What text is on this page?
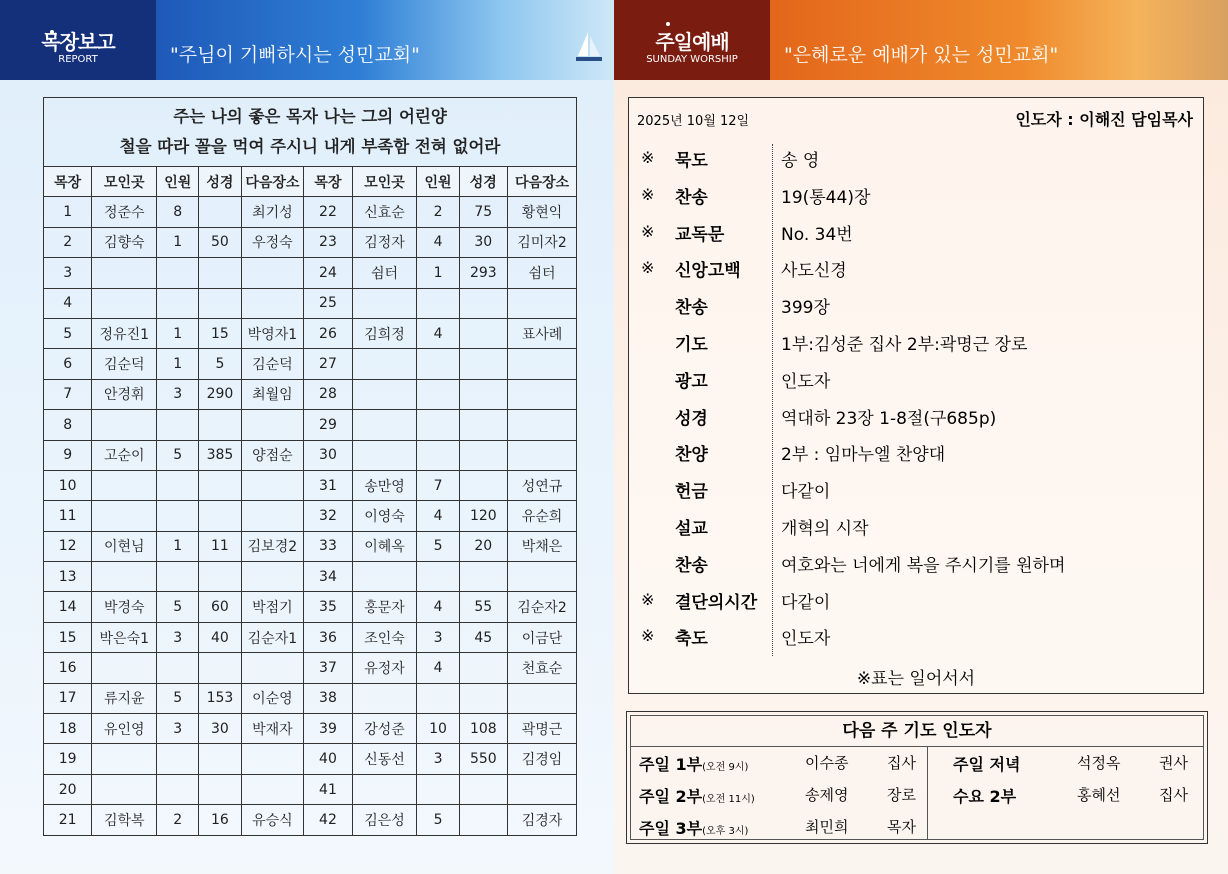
목장보고
REPORT	"주님이 기뻐하시는 성민교회"
주일예배
SUNDAY WORSHIP	"은혜로운 예배가 있는 성민교회"
주는 나의 좋은 목자 나는 그의 어린양
철을 따라 꼴을 먹여 주시니 내게 부족함 전혀 없어라									

목장	모인곳	인원	성경	다음장소	목장	모인곳	인원	성경	다음장소
1	정준수	8		최기성	22	신효순	2	75	황현익
2	김향숙	1	50	우정숙	23	김정자	4	30	김미자2
3					24	쉼터	1	293	쉼터
4					25				
5	정유진1	1	15	박영자1	26	김희정	4		표사례
6	김순덕	1	5	김순덕	27				
7	안경휘	3	290	최월임	28				
8					29				
9	고순이	5	385	양점순	30				
10					31	송만영	7		성연규
11					32	이영숙	4	120	유순희
12	이현님	1	11	김보경2	33	이혜옥	5	20	박채은
13					34				
14	박경숙	5	60	박점기	35	홍문자	4	55	김순자2
15	박은숙1	3	40	김순자1	36	조인숙	3	45	이금단
16					37	유정자	4		천효순
17	류지윤	5	153	이순영	38				
18	유인영	3	30	박재자	39	강성준	10	108	곽명근
19					40	신동선	3	550	김경임
20					41				
21	김학복	2	16	유승식	42	김은성	5		김경자
2025년 10월 12일	인도자 : 이해진 담임목사
※ 묵도	송 영
※ 찬송	19(통44)장
※ 교독문	No. 34번
※ 신앙고백	사도신경
찬송	399장
기도	1부:김성준 집사 2부:곽명근 장로
광고	인도자
성경	역대하 23장 1-8절(구685p)
찬양	2부 : 임마누엘 찬양대
헌금	다같이
설교	개혁의 시작
찬송	여호와는 너에게 복을 주시기를 원하며
※ 결단의시간	다같이
※ 축도	인도자
※표는 일어서서
다음 주 기도 인도자
주일 1부(오전 9시)	이수종	집사
주일 2부(오전 11시)	송제영	장로
주일 3부(오후 3시)	최민희	목자
주일 저녁	석정옥	권사
수요 2부	홍혜선	집사
